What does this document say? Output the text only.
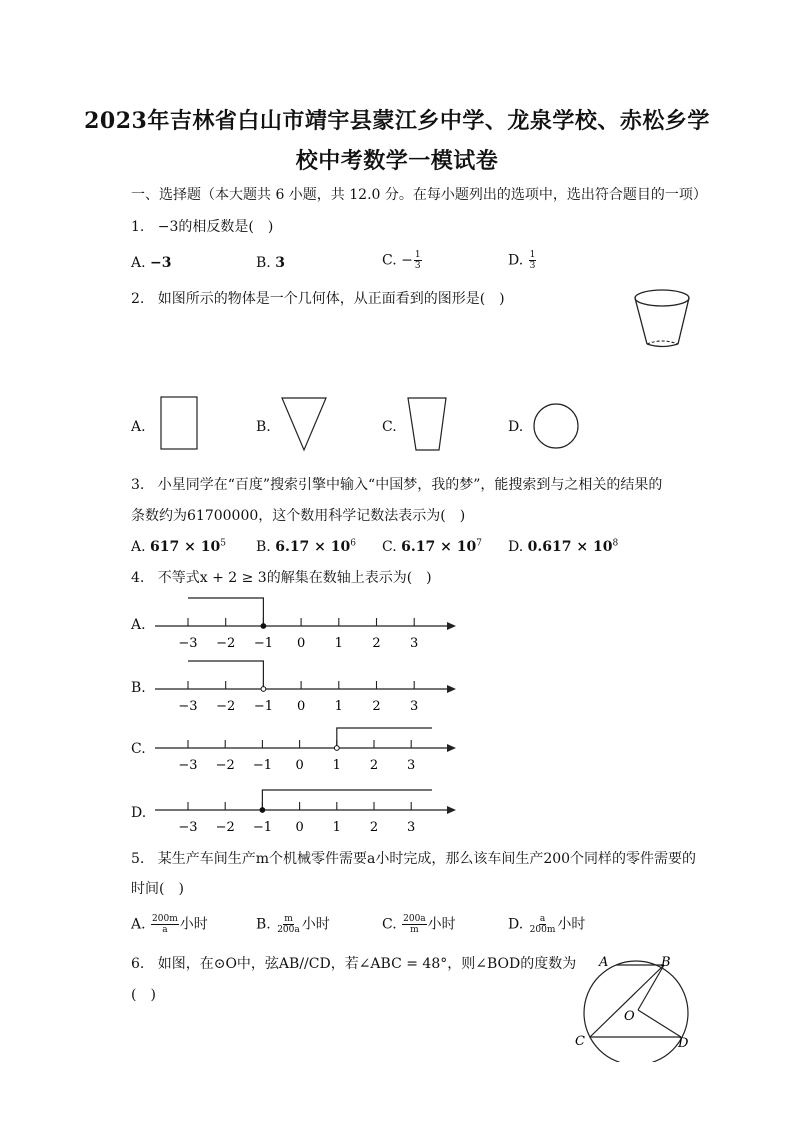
2023年吉林省白山市靖宇县蒙江乡中学、龙泉学校、赤松乡学
校中考数学一模试卷
一、选择题（本大题共 6 小题，共 12.0 分。在每小题列出的选项中，选出符合题目的一项）
1. −3的相反数是(　)
A. −3	B. 3	C. − $\frac{1}{3}$	D. $\frac{1}{3}$
2. 如图所示的物体是一个几何体，从正面看到的图形是(　)
A.	B.	C.	D.
3. 小星同学在“百度”搜索引擎中输入“中国梦，我的梦”，能搜索到与之相关的结果的
条数约为61700000，这个数用科学记数法表示为(　)
A. $617 \times 10^5$ B. $6.17 \times 10^6$ C. $6.17 \times 10^7$ D. $0.617 \times 10^8$
4. 不等式x + 2 ≥ 3的解集在数轴上表示为(　)
A.
−3 −2 −1 0 1 2 3
B.
−3 −2 −1 0 1 2 3
C.
−3 −2 −1 0 1 2 3
D.
−3 −2 −1 0 1 2 3
5. 某生产车间生产m个机械零件需要a小时完成，那么该车间生产200个同样的零件需要的
时间(　)
A. $\frac{200m}{a}$ 小时	B. $\frac{m}{200a}$ 小时	C. $\frac{200a}{m}$ 小时	D. $\frac{a}{200m}$ 小时
6. 如图，在⊙O中，弦AB//CD，若∠ABC = 48°，则∠BOD的度数为
(　)
A	B
O
C	D
